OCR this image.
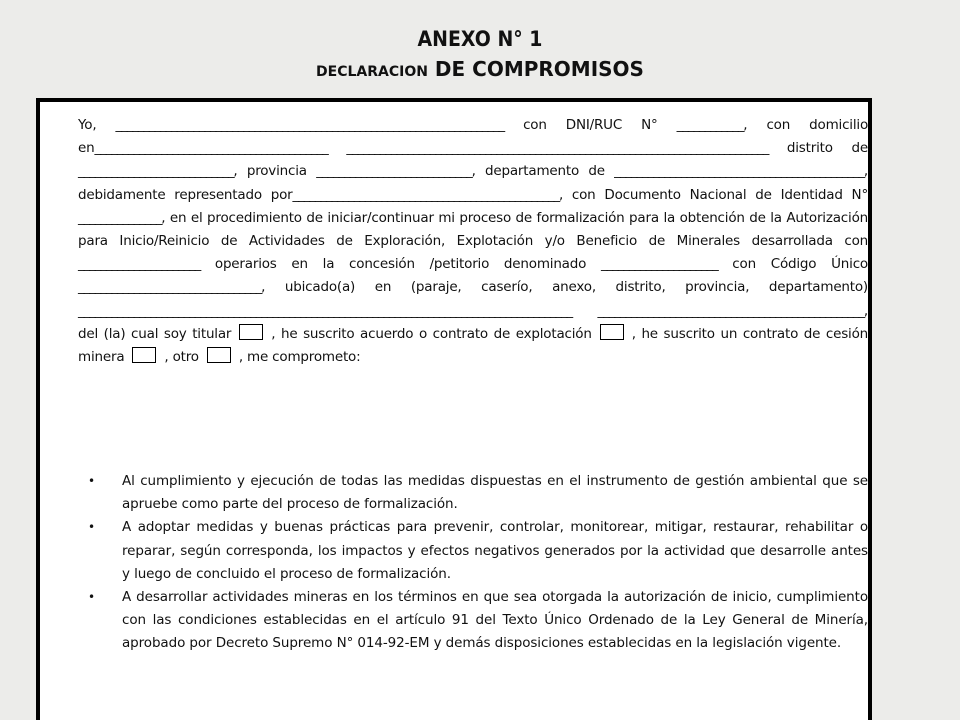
ANEXO N° 1
DECLARACION DE COMPROMISOS
Yo, ______________________________________________________________________ con DNI/RUC N° ____________, con domicilio en__________________________________________ ____________________________________________________________________________ distrito de ____________________________, provincia ____________________________, departamento de _____________________________________________, debidamente representado por________________________________________________, con Documento Nacional de Identidad N° _______________, en el procedimiento de iniciar/continuar mi proceso de formalización para la obtención de la Autorización para Inicio/Reinicio de Actividades de Exploración, Explotación y/o Beneficio de Minerales desarrollada con ______________________ operarios en la concesión /petitorio denominado _____________________ con Código Único _________________________________, ubicado(a) en (paraje, caserío, anexo, distrito, provincia, departamento) _________________________________________________________________________________________ ________________________________________________, del (la) cual soy titular	, he suscrito acuerdo o contrato de explotación	, he suscrito un contrato de cesión minera	, otro	, me comprometo:
• Al cumplimiento y ejecución de todas las medidas dispuestas en el instrumento de gestión ambiental que se apruebe como parte del proceso de formalización.
• A adoptar medidas y buenas prácticas para prevenir, controlar, monitorear, mitigar, restaurar, rehabilitar o reparar, según corresponda, los impactos y efectos negativos generados por la actividad que desarrolle antes y luego de concluido el proceso de formalización.
• A desarrollar actividades mineras en los términos en que sea otorgada la autorización de inicio, cumplimiento con las condiciones establecidas en el artículo 91 del Texto Único Ordenado de la Ley General de Minería, aprobado por Decreto Supremo N° 014-92-EM y demás disposiciones establecidas en la legislación vigente.
